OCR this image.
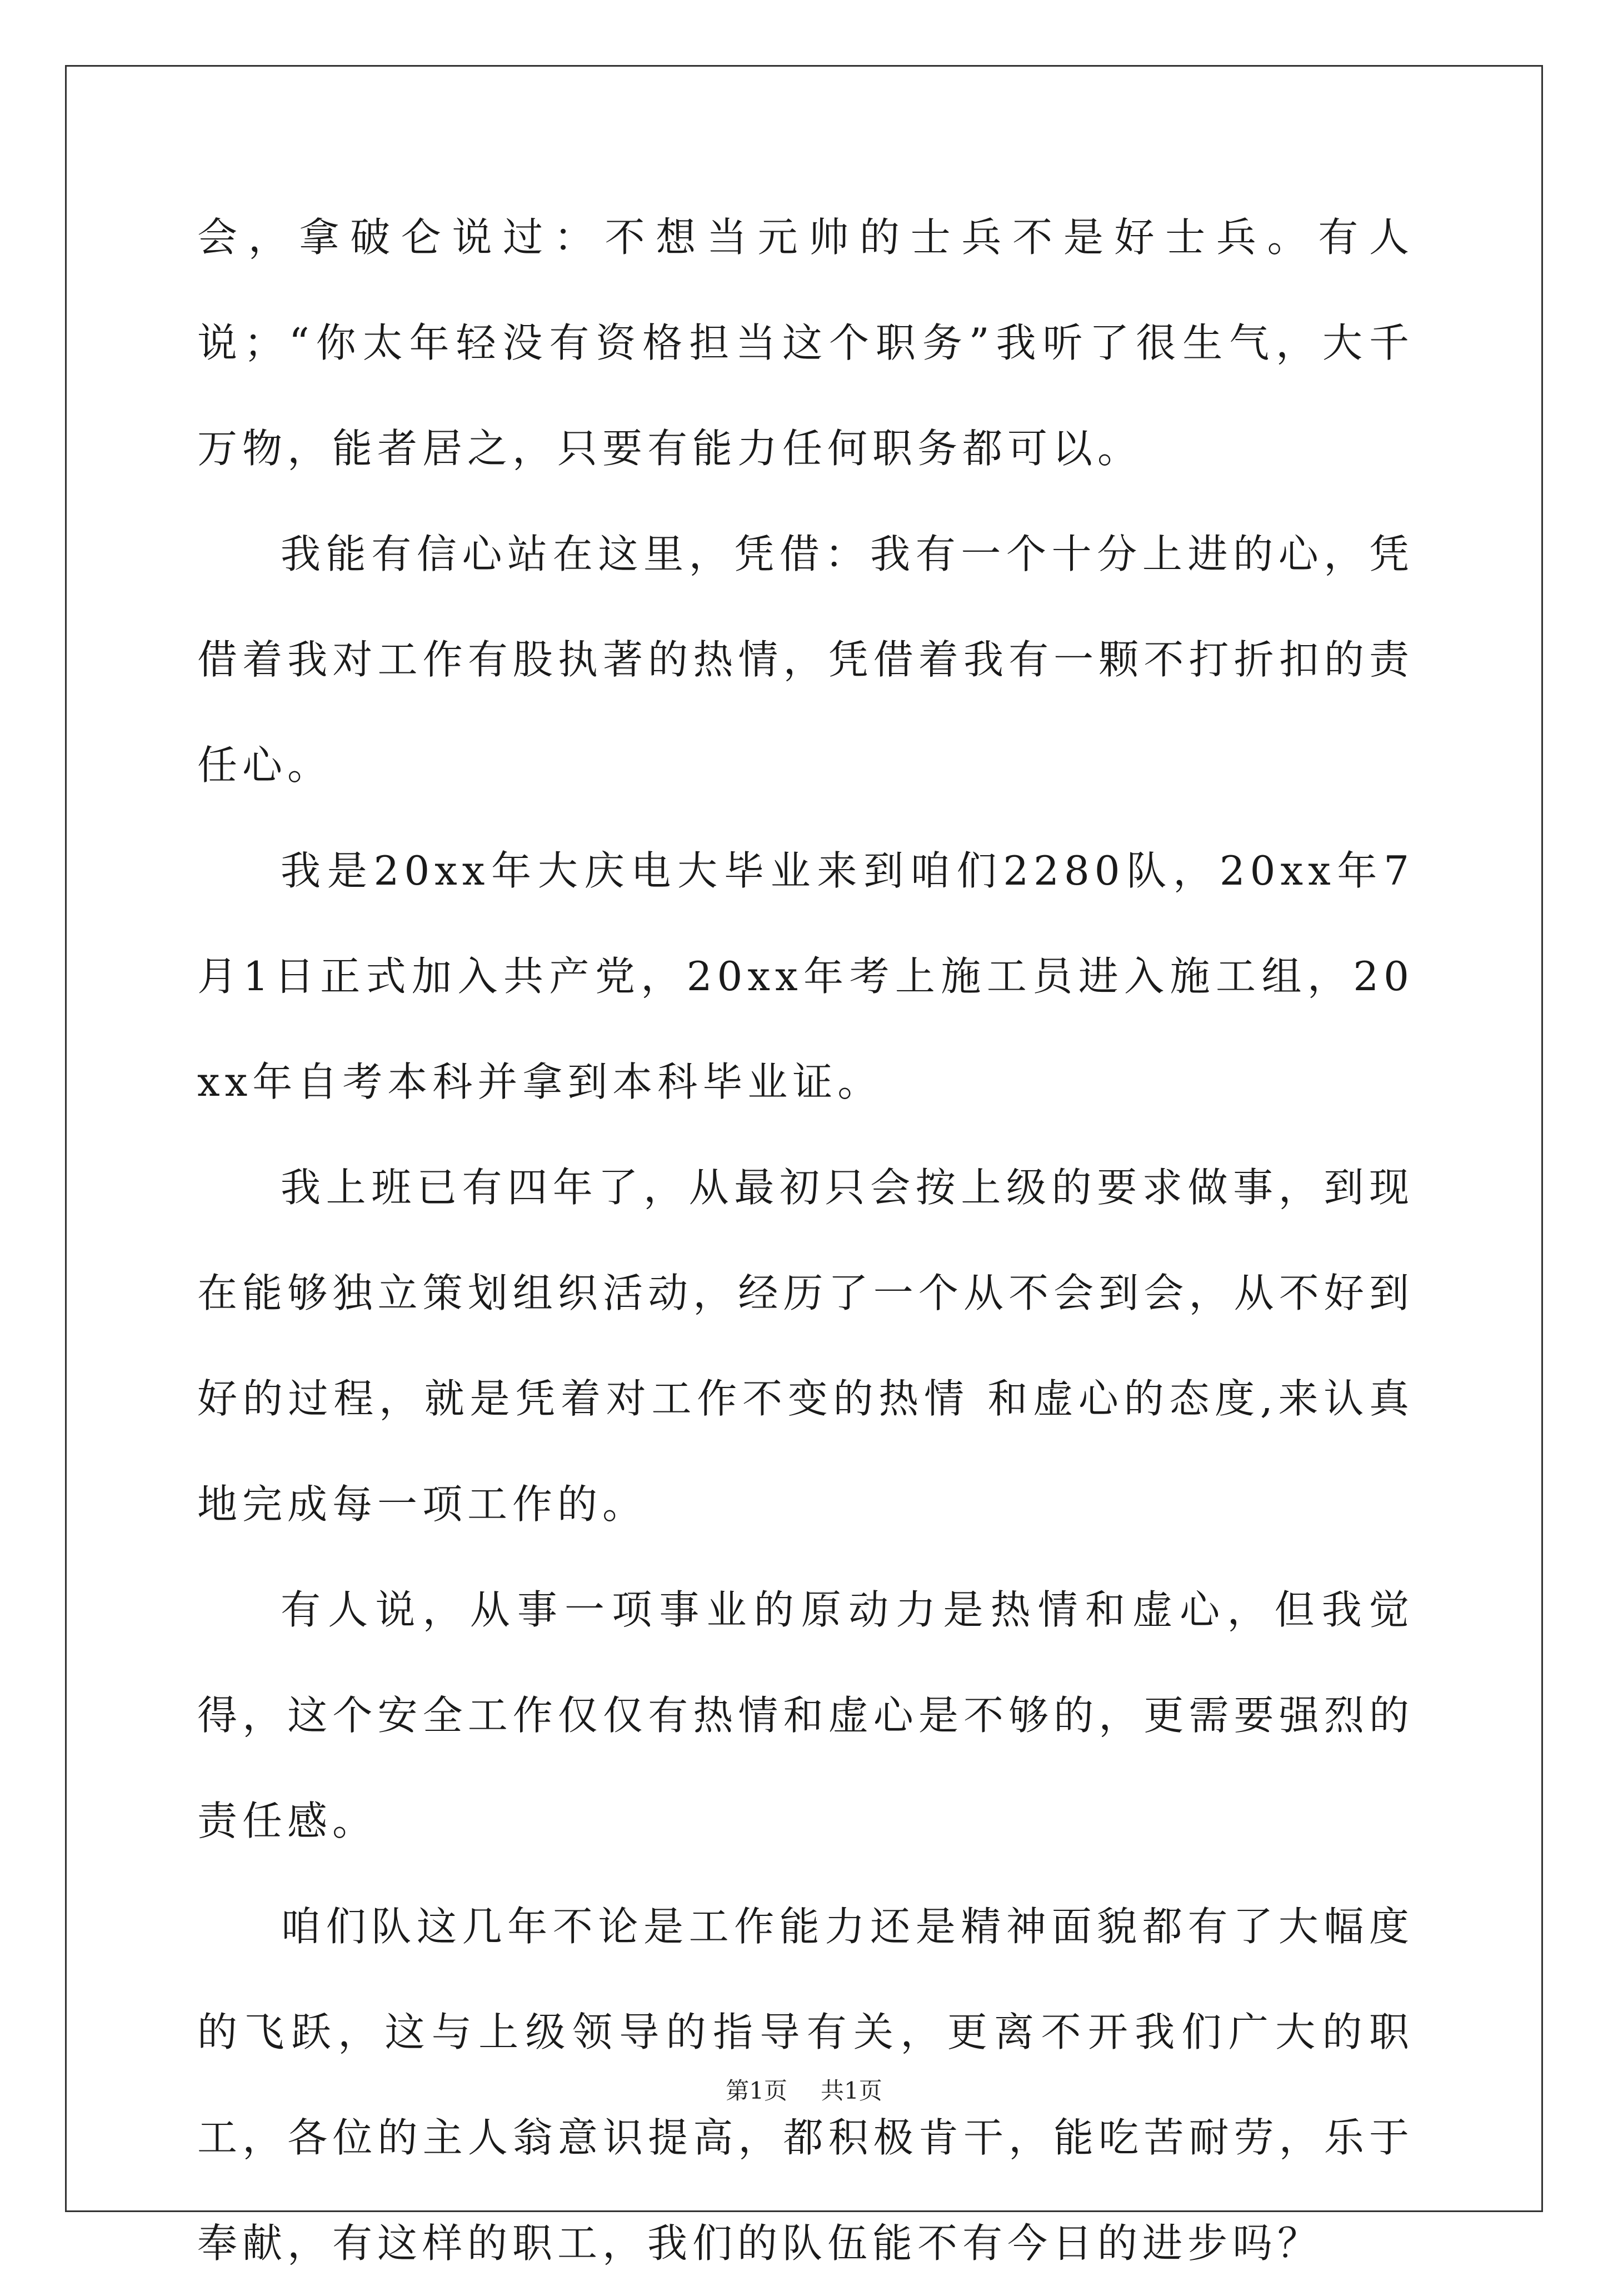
会，拿破仑说过：不想当元帅的士兵不是好士兵。有人说；“你太年轻没有资格担当这个职务”我听了很生气，大千万物，能者居之，只要有能力任何职务都可以。

我能有信心站在这里，凭借：我有一个十分上进的心，凭借着我对工作有股执著的热情，凭借着我有一颗不打折扣的责任心。

我是20xx年大庆电大毕业来到咱们2280队，20xx年7月1日正式加入共产党，20xx年考上施工员进入施工组，20xx年自考本科并拿到本科毕业证。

我上班已有四年了，从最初只会按上级的要求做事，到现在能够独立策划组织活动，经历了一个从不会到会，从不好到好的过程，就是凭着对工作不变的热情 和虚心的态度,来认真地完成每一项工作的。

有人说，从事一项事业的原动力是热情和虚心，但我觉得，这个安全工作仅仅有热情和虚心是不够的，更需要强烈的责任感。

咱们队这几年不论是工作能力还是精神面貌都有了大幅度的飞跃，这与上级领导的指导有关，更离不开我们广大的职工，各位的主人翁意识提高，都积极肯干，能吃苦耐劳，乐于奉献，有这样的职工，我们的队伍能不有今日的进步吗？

第1页 共1页
